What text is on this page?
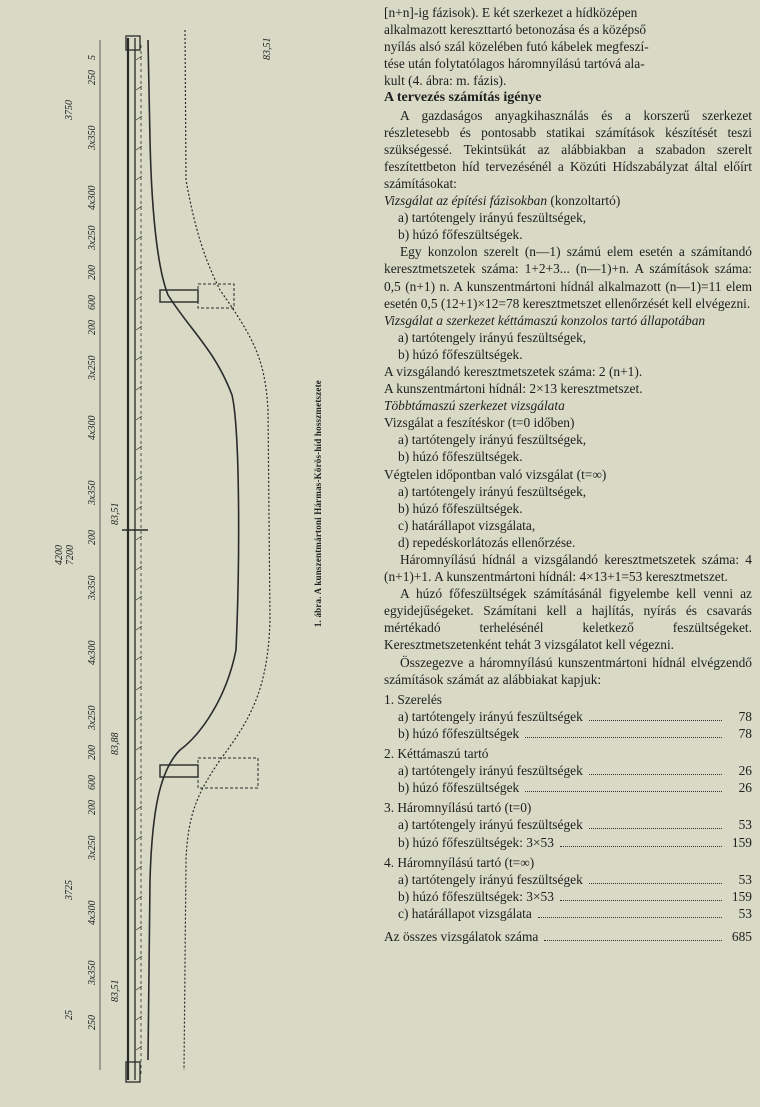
250
3x350
4x300
3750
3x250
200
600
200
3x250
4x300
3x350
200
4200 7200
3x350
4x300
3x250
200
600
200
3x250
4x300
3725
3x350
250
5
25
83,51
83,51
83,88
83,51
1. ábra. A kunszentmártoni Hármas-Körös-híd hosszmetszete

[n+n]-ig fázisok). E két szerkezet a hídközépen

alkalmazott kereszttartó betonozása és a középső

nyílás alsó szál közelében futó kábelek megfeszí-

tése után folytatólagos háromnyílású tartóvá ala-

kult (4. ábra: m. fázis).

A tervezés számítás igénye

A gazdaságos anyagkihasználás és a korszerű szerkezet részletesebb és pontosabb statikai számítások készítését teszi szükségessé. Tekintsükát az alábbiakban a szabadon szerelt feszítettbeton híd tervezésénél a Közúti Hídszabályzat által előírt számításokat:

Vizsgálat az építési fázisokban (konzoltartó)

a) tartótengely irányú feszültségek,

b) húzó főfeszültségek.

Egy konzolon szerelt (n—1) számú elem esetén a számítandó keresztmetszetek száma: 1+2+3... (n—1)+n. A számítások száma: 0,5 (n+1) n. A kunszentmártoni hídnál alkalmazott (n—1)=11 elem esetén 0,5 (12+1)×12=78 keresztmetszet ellenőrzését kell elvégezni.

Vizsgálat a szerkezet kéttámaszú konzolos tartó állapotában

a) tartótengely irányú feszültségek,

b) húzó főfeszültségek.

A vizsgálandó keresztmetszetek száma: 2 (n+1).

A kunszentmártoni hídnál: 2×13 keresztmetszet.

Többtámaszú szerkezet vizsgálata

Vizsgálat a feszítéskor (t=0 időben)

a) tartótengely irányú feszültségek,

b) húzó főfeszültségek.

Végtelen időpontban való vizsgálat (t=∞)

a) tartótengely irányú feszültségek,

b) húzó főfeszültségek.

c) határállapot vizsgálata,

d) repedéskorlátozás ellenőrzése.

Háromnyílású hídnál a vizsgálandó keresztmetszetek száma: 4 (n+1)+1. A kunszentmártoni hídnál: 4×13+1=53 keresztmetszet.

A húzó főfeszültségek számításánál figyelembe kell venni az egyidejűségeket. Számítani kell a hajlítás, nyírás és csavarás mértékadó terhelésénél keletkező feszültségeket. Keresztmetszetenként tehát 3 vizsgálatot kell végezni.

Összegezve a háromnyílású kunszentmártoni hídnál elvégzendő számítások számát az alábbiakat kapjuk:

1. Szerelés

a) tartótengely irányú feszültségek	78
b) húzó főfeszültségek	78

2. Kéttámaszú tartó

a) tartótengely irányú feszültségek	26
b) húzó főfeszültségek	26

3. Háromnyílású tartó (t=0)

a) tartótengely irányú feszültségek	53
b) húzó főfeszültségek: 3×53	159

4. Háromnyílású tartó (t=∞)

a) tartótengely irányú feszültségek	53
b) húzó főfeszültségek: 3×53	159
c) határállapot vizsgálata	53
Az összes vizsgálatok száma	685
